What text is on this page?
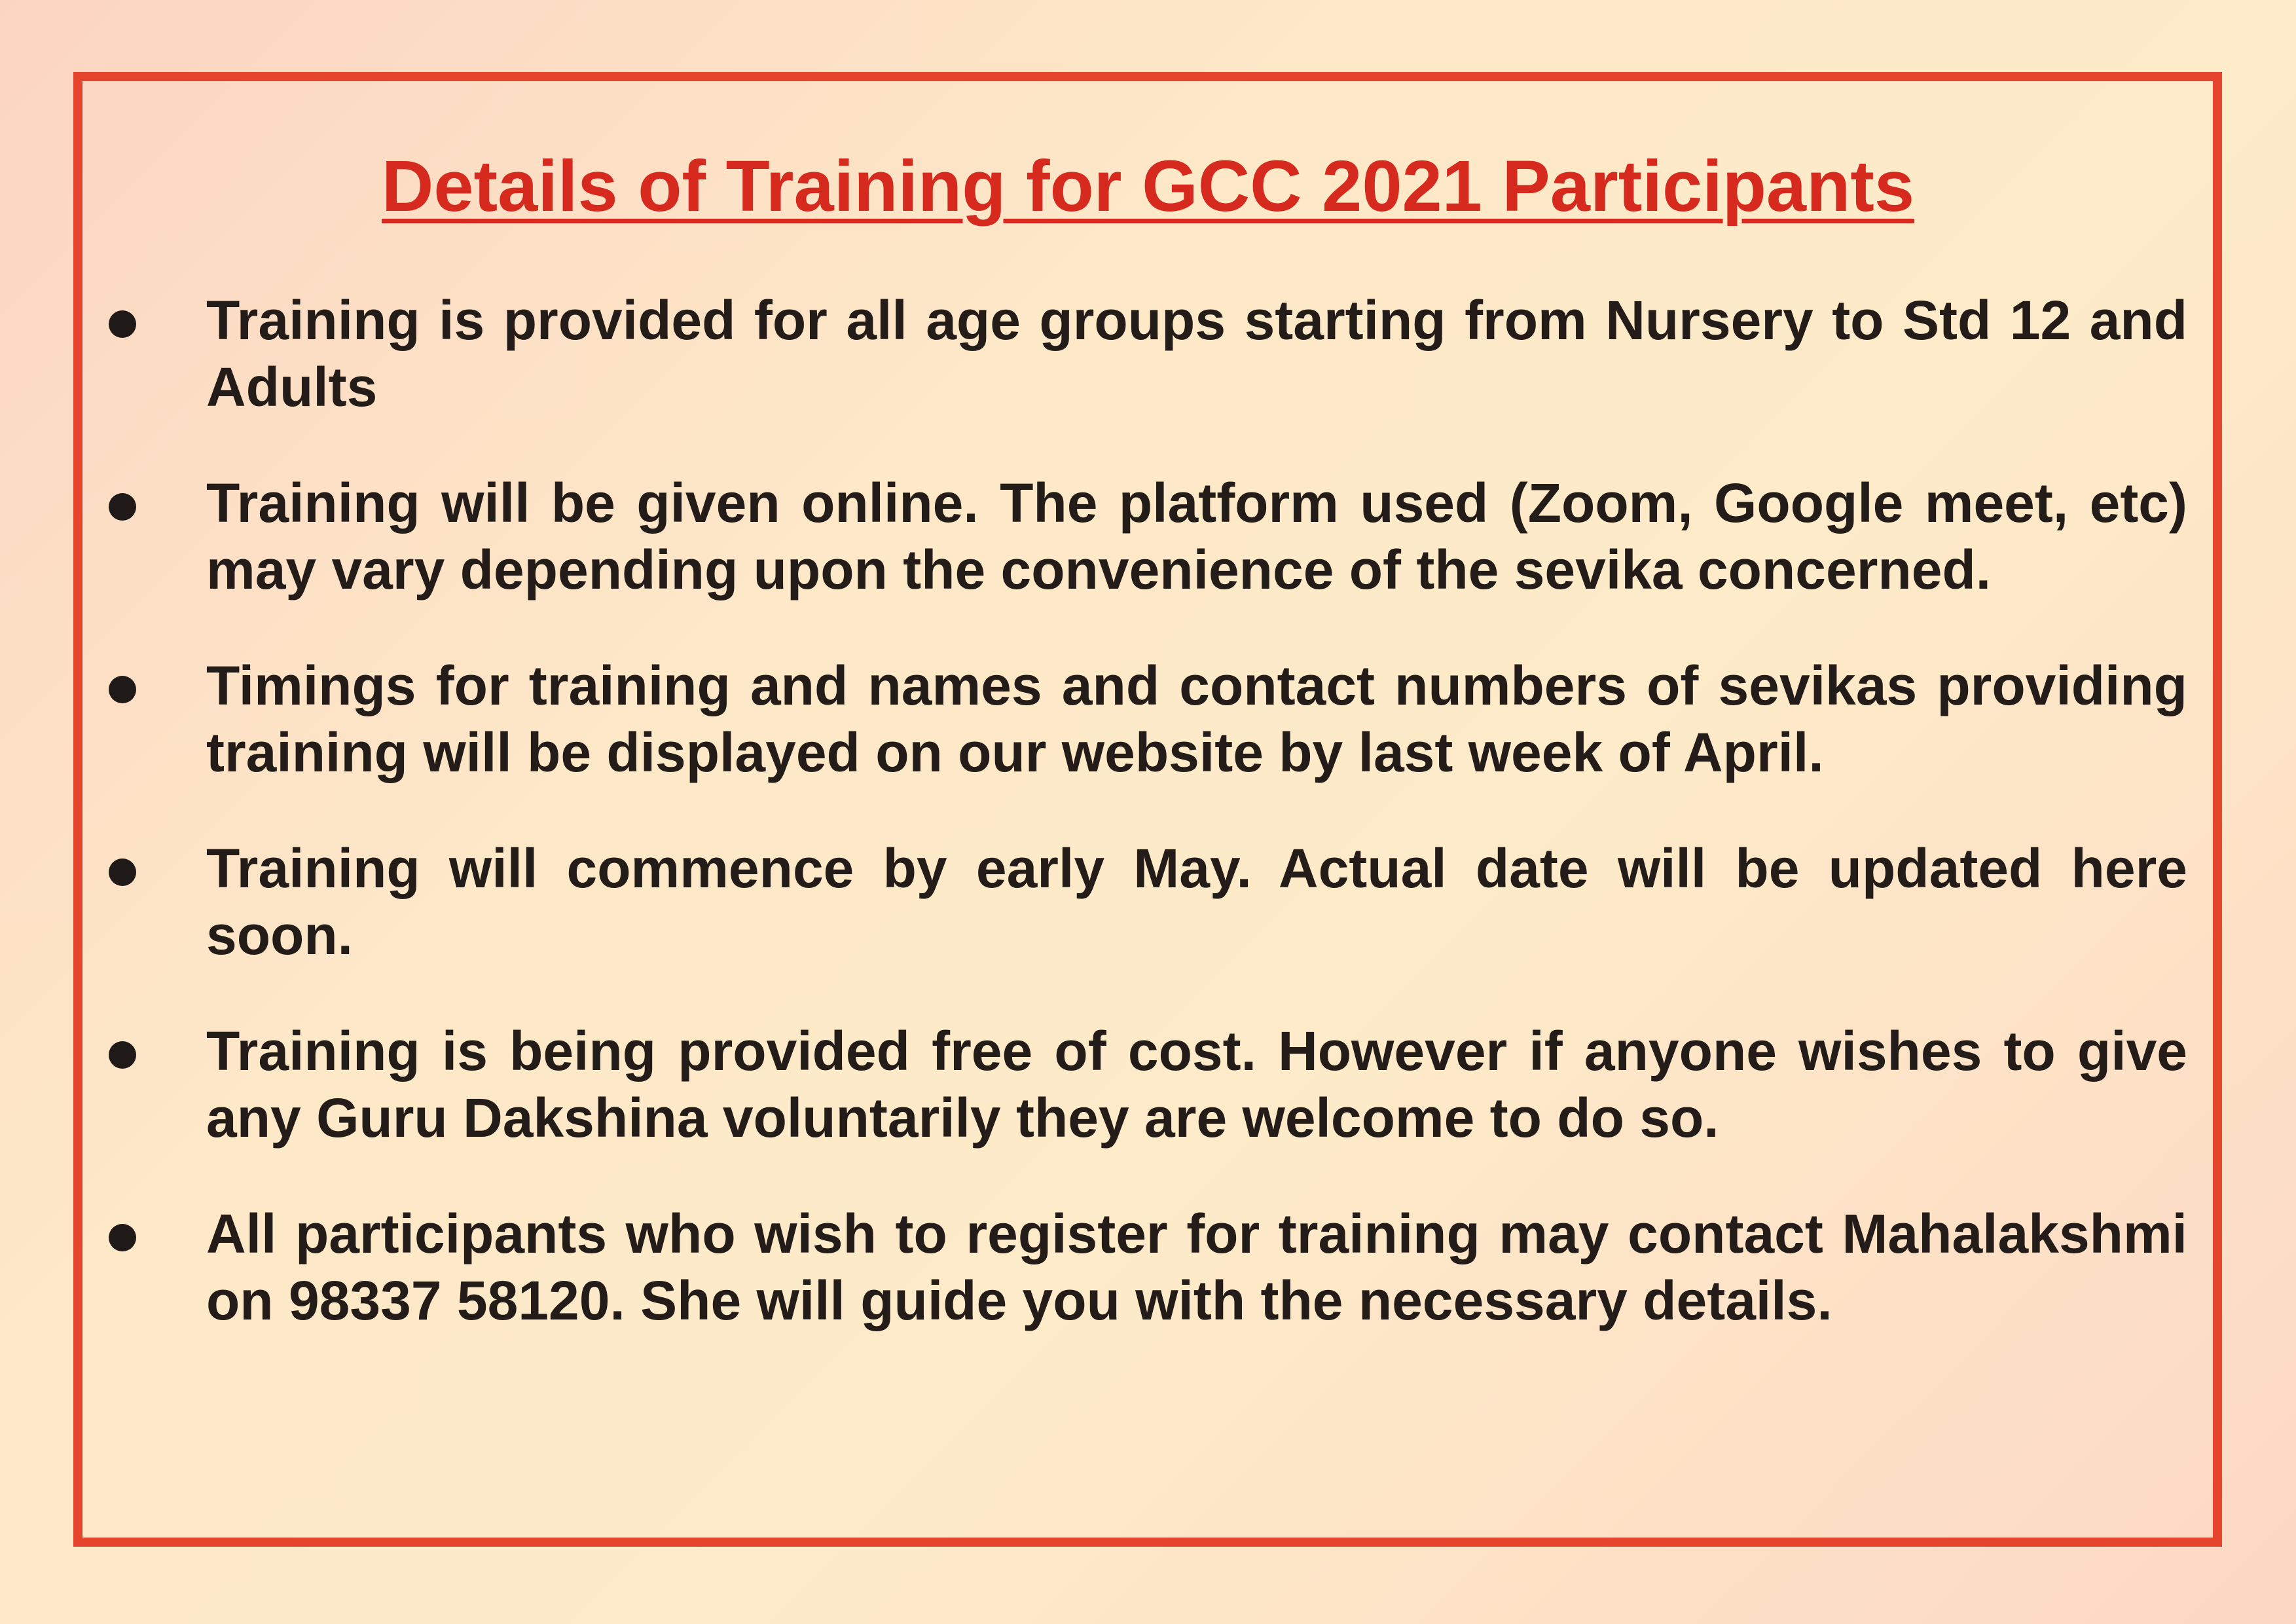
Details of Training for GCC 2021 Participants
Training is provided for all age groups starting from Nursery to Std 12 and Adults
Training will be given online. The platform used (Zoom, Google meet, etc) may vary depending upon the convenience of the sevika concerned.
Timings for training and names and contact numbers of sevikas providing training will be displayed on our website by last week of April.
Training will commence by early May. Actual date will be updated here soon.
Training is being provided free of cost. However if anyone wishes to give any Guru Dakshina voluntarily they are welcome to do so.
All participants who wish to register for training may contact Mahalakshmi on 98337 58120. She will guide you with the necessary details.
